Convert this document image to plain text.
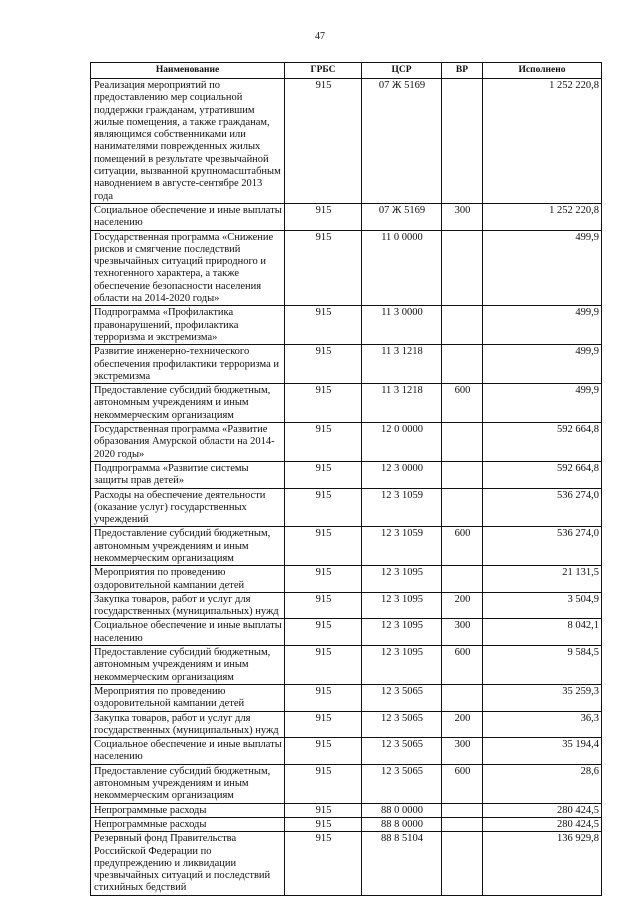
47
Наименование	ГРБС	ЦСР	ВР	Исполнено
Реализация мероприятий по предоставлению мер социальной поддержки гражданам, утратившим жилые помещения, а также гражданам, являющимся собственниками или нанимателями поврежденных жилых помещений в результате чрезвычайной ситуации, вызванной крупномасштабным наводнением в августе-сентябре 2013 года	915	07 Ж 5169		1 252 220,8
Социальное обеспечение и иные выплаты населению	915	07 Ж 5169	300	1 252 220,8
Государственная программа «Снижение рисков и смягчение последствий чрезвычайных ситуаций природного и техногенного характера, а также обеспечение безопасности населения области на 2014-2020 годы»	915	11 0 0000		499,9
Подпрограмма «Профилактика правонарушений, профилактика терроризма и экстремизма»	915	11 3 0000		499,9
Развитие инженерно-технического обеспечения профилактики терроризма и экстремизма	915	11 3 1218		499,9
Предоставление субсидий бюджетным, автономным учреждениям и иным некоммерческим организациям	915	11 3 1218	600	499,9
Государственная программа «Развитие образования Амурской области на 2014-2020 годы»	915	12 0 0000		592 664,8
Подпрограмма «Развитие системы защиты прав детей»	915	12 3 0000		592 664,8
Расходы на обеспечение деятельности (оказание услуг) государственных учреждений	915	12 3 1059		536 274,0
Предоставление субсидий бюджетным, автономным учреждениям и иным некоммерческим организациям	915	12 3 1059	600	536 274,0
Мероприятия по проведению оздоровительной кампании детей	915	12 3 1095		21 131,5
Закупка товаров, работ и услуг для государственных (муниципальных) нужд	915	12 3 1095	200	3 504,9
Социальное обеспечение и иные выплаты населению	915	12 3 1095	300	8 042,1
Предоставление субсидий бюджетным, автономным учреждениям и иным некоммерческим организациям	915	12 3 1095	600	9 584,5
Мероприятия по проведению оздоровительной кампании детей	915	12 3 5065		35 259,3
Закупка товаров, работ и услуг для государственных (муниципальных) нужд	915	12 3 5065	200	36,3
Социальное обеспечение и иные выплаты населению	915	12 3 5065	300	35 194,4
Предоставление субсидий бюджетным, автономным учреждениям и иным некоммерческим организациям	915	12 3 5065	600	28,6
Непрограммные расходы	915	88 0 0000		280 424,5
Непрограммные расходы	915	88 8 0000		280 424,5
Резервный фонд Правительства Российской Федерации по предупреждению и ликвидации чрезвычайных ситуаций и последствий стихийных бедствий	915	88 8 5104		136 929,8
